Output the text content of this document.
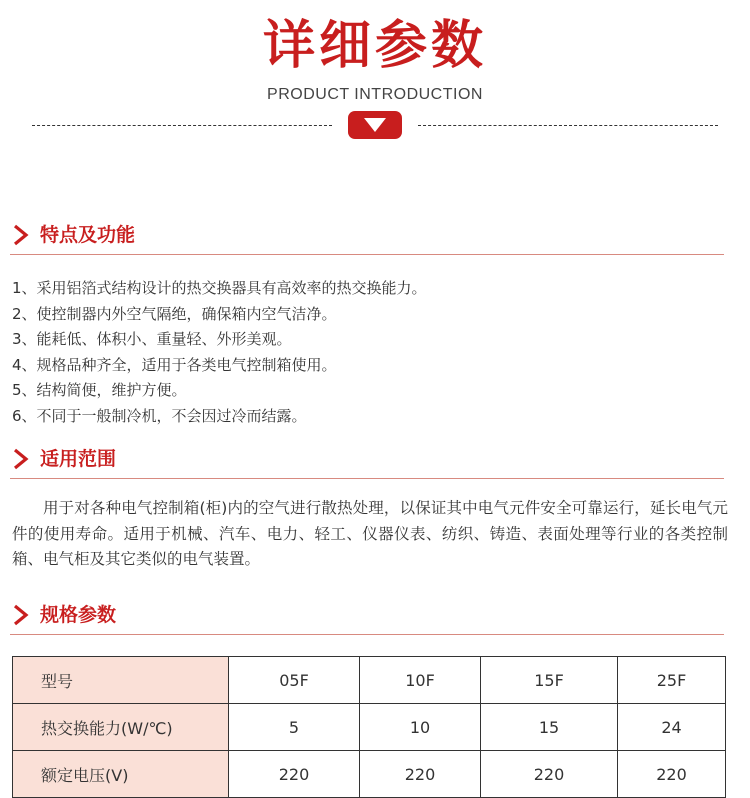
详细参数
PRODUCT INTRODUCTION
特点及功能
1、采用铝箔式结构设计的热交换器具有高效率的热交换能力。
2、使控制器内外空气隔绝，确保箱内空气洁净。
3、能耗低、体积小、重量轻、外形美观。
4、规格品种齐全，适用于各类电气控制箱使用。
5、结构简便，维护方便。
6、不同于一般制冷机，不会因过冷而结露。
适用范围
用于对各种电气控制箱(柜)内的空气进行散热处理，以保证其中电气元件安全可靠运行，延长电气元件的使用寿命。适用于机械、汽车、电力、轻工、仪器仪表、纺织、铸造、表面处理等行业的各类控制箱、电气柜及其它类似的电气装置。
规格参数
型号	05F	10F	15F	25F
热交换能力(W/℃)	5	10	15	24
额定电压(V)	220	220	220	220
